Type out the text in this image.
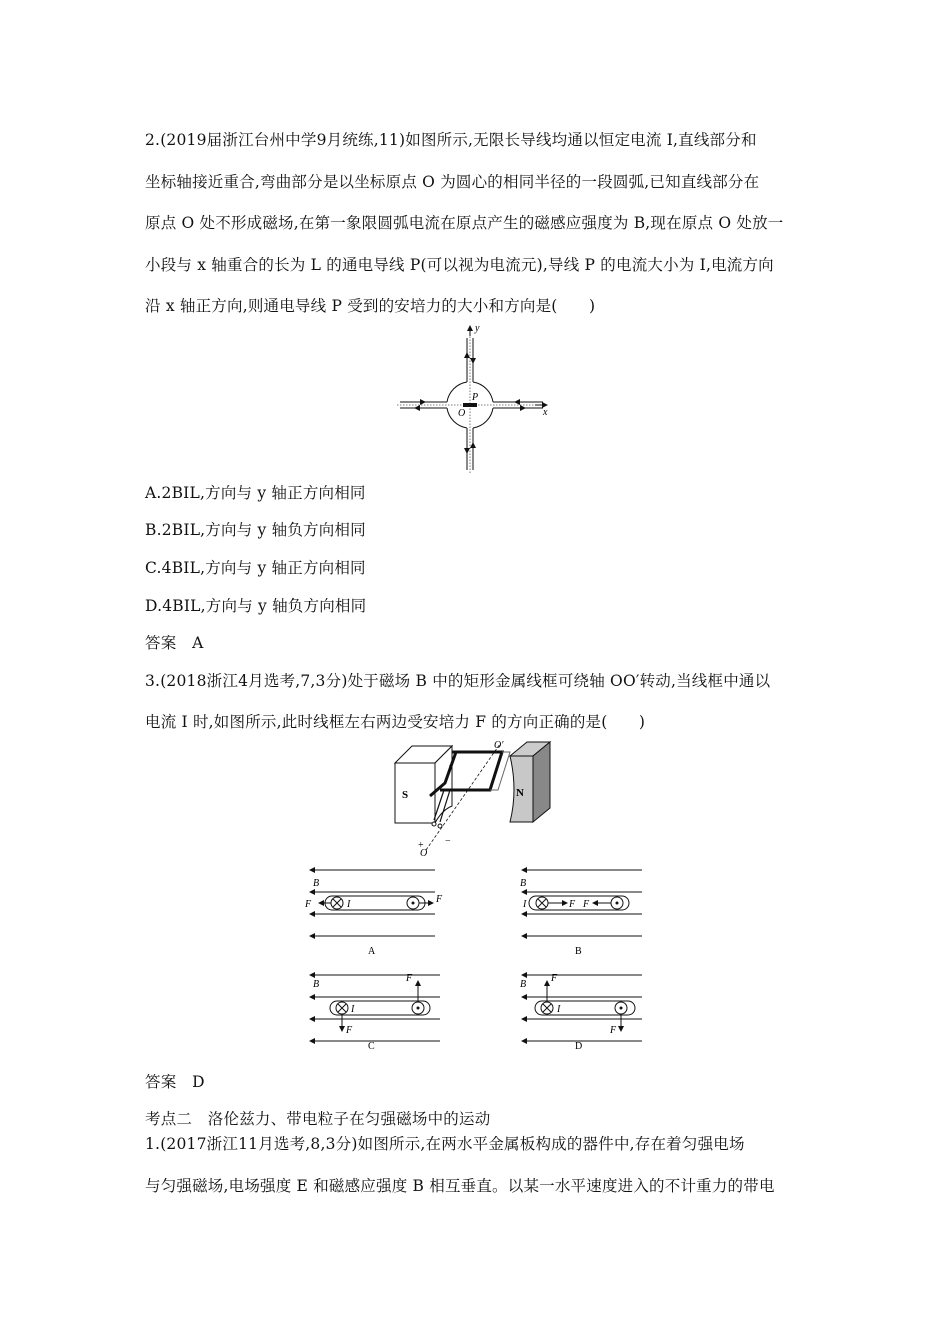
2.(2019届浙江台州中学9月统练,11)如图所示,无限长导线均通以恒定电流 I,直线部分和
坐标轴接近重合,弯曲部分是以坐标原点 O 为圆心的相同半径的一段圆弧,已知直线部分在
原点 O 处不形成磁场,在第一象限圆弧电流在原点产生的磁感应强度为 B,现在原点 O 处放一
小段与 x 轴重合的长为 L 的通电导线 P(可以视为电流元),导线 P 的电流大小为 I,电流方向
沿 x 轴正方向,则通电导线 P 受到的安培力的大小和方向是(　　)
y
x
O
P
A.2BIL,方向与 y 轴正方向相同
B.2BIL,方向与 y 轴负方向相同
C.4BIL,方向与 y 轴正方向相同
D.4BIL,方向与 y 轴负方向相同
答案　A
3.(2018浙江4月选考,7,3分)处于磁场 B 中的矩形金属线框可绕轴 OO′转动,当线框中通以
电流 I 时,如图所示,此时线框左右两边受安培力 F 的方向正确的是(　　)
S	N
I
O′
O
+ −
B
F	I	F
A
B
I	F F
B
B
I
F
F
C
B
I
F
F
D
答案　D
考点二　洛伦兹力、带电粒子在匀强磁场中的运动
1.(2017浙江11月选考,8,3分)如图所示,在两水平金属板构成的器件中,存在着匀强电场
与匀强磁场,电场强度 E 和磁感应强度 B 相互垂直。以某一水平速度进入的不计重力的带电
